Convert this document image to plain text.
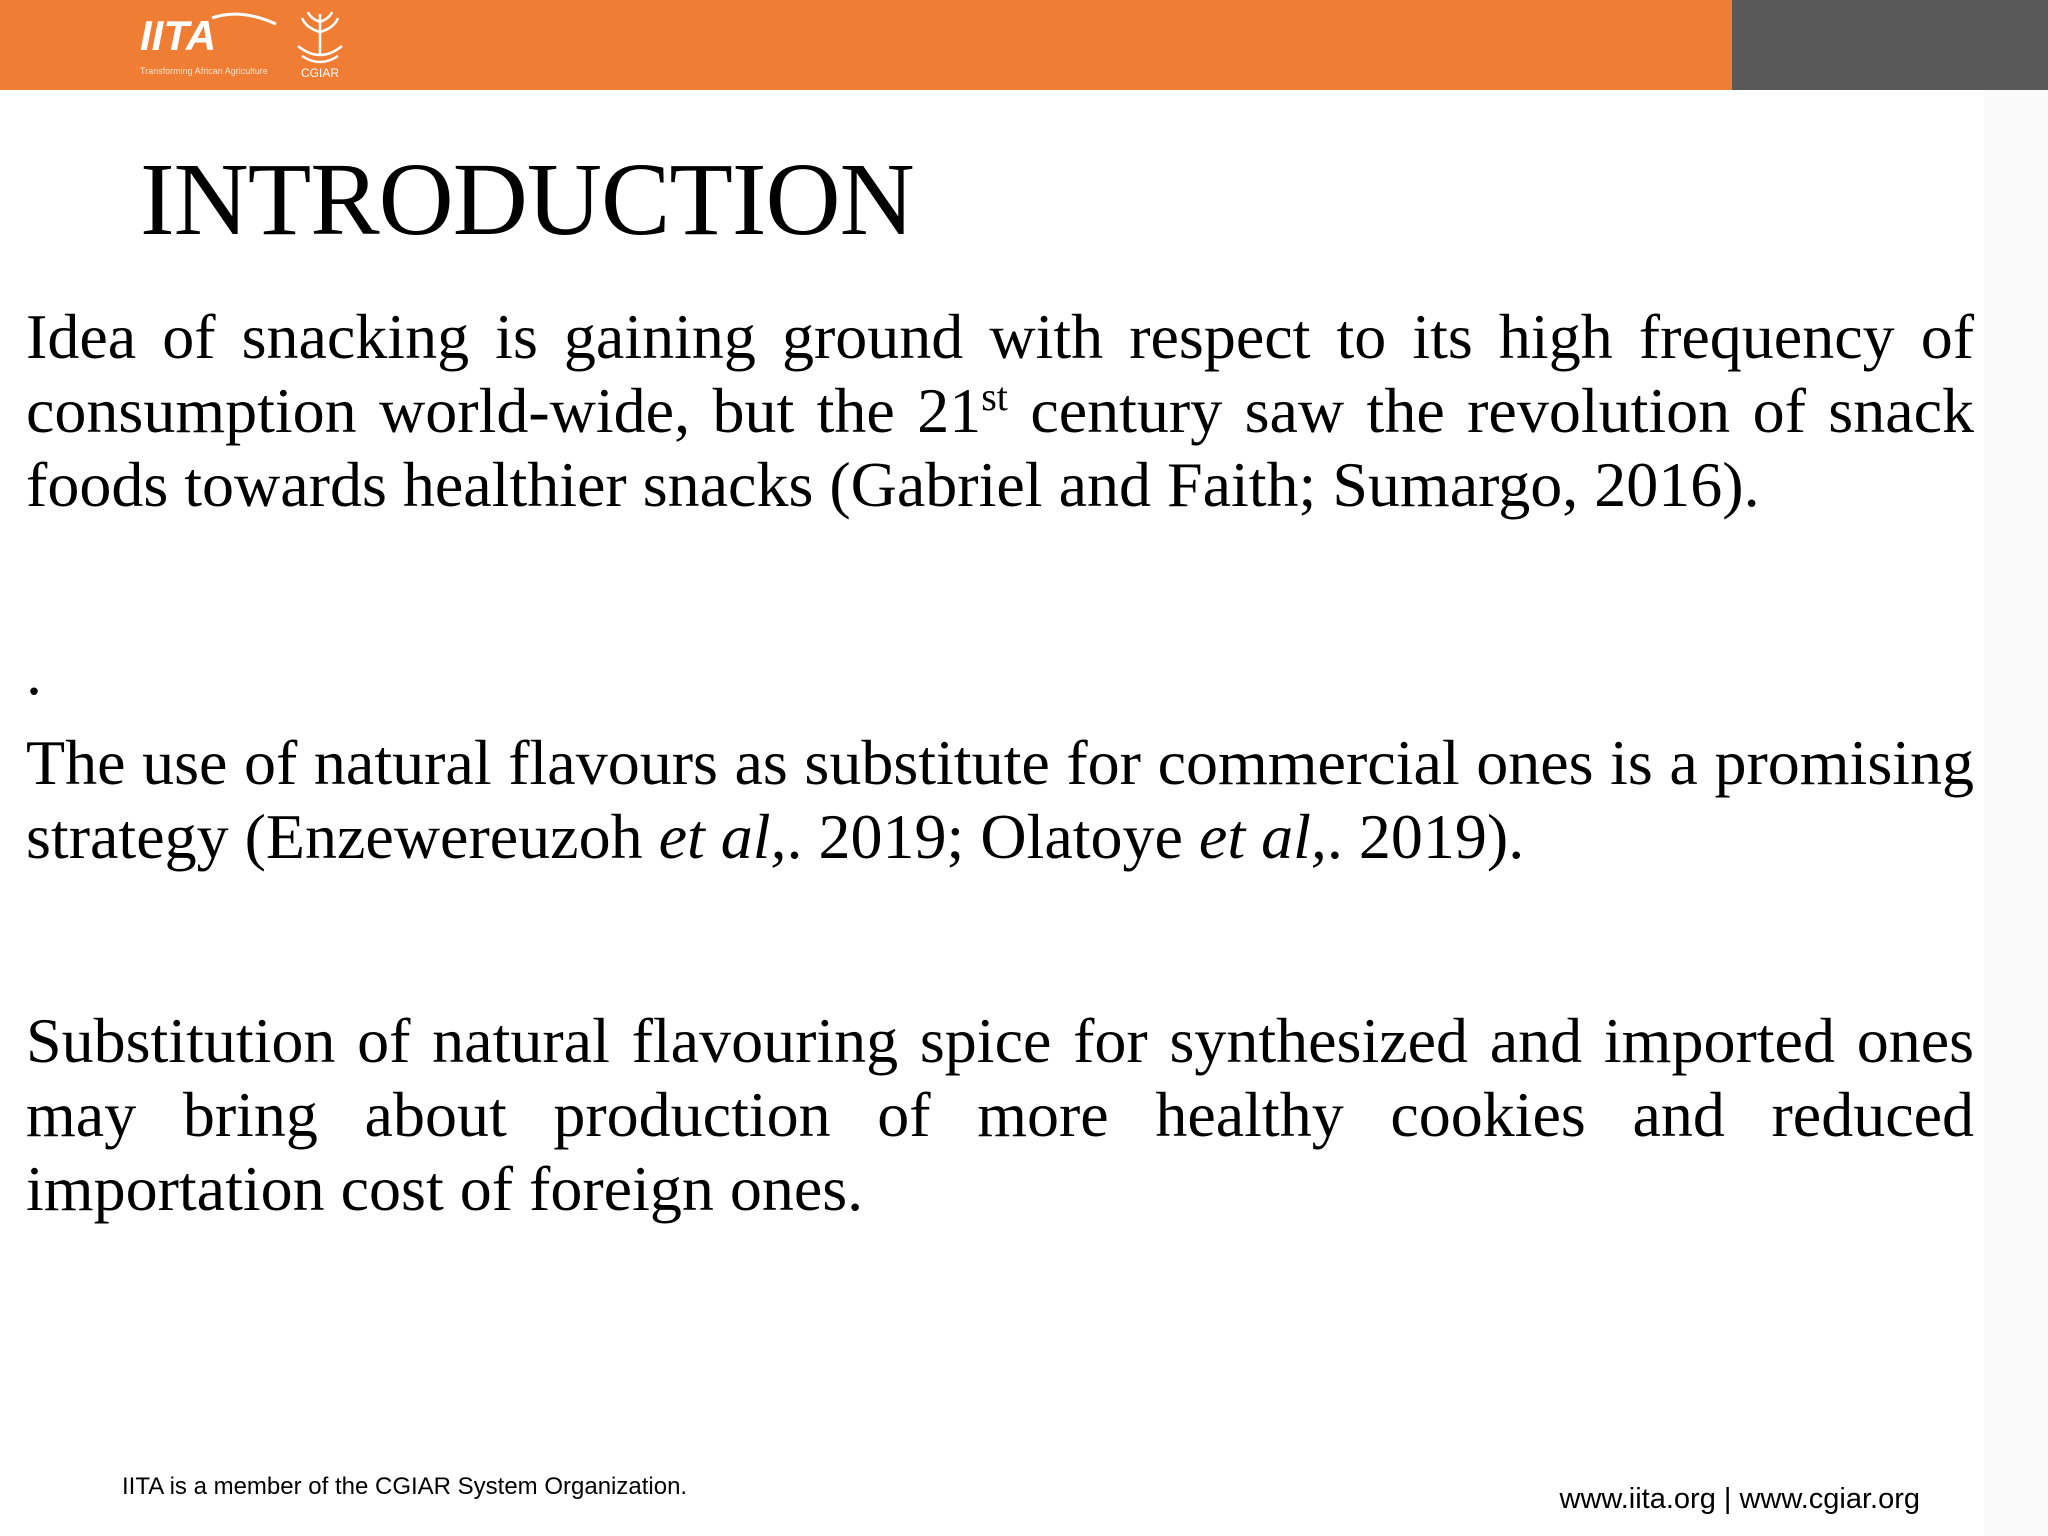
IITA
Transforming African Agriculture	CGIAR
INTRODUCTION

Idea of snacking is gaining ground with respect to its high frequency of consumption world-wide, but the 21st century saw the revolution of snack foods towards healthier snacks (Gabriel and Faith; Sumargo, 2016).

.

The use of natural flavours as substitute for commercial ones is a promising strategy (Enzewereuzoh et al,. 2019; Olatoye et al,. 2019).

Substitution of natural flavouring spice for synthesized and imported ones may bring about production of more healthy cookies and reduced importation cost of foreign ones.

IITA is a member of the CGIAR System Organization.	www.iita.org | www.cgiar.org
